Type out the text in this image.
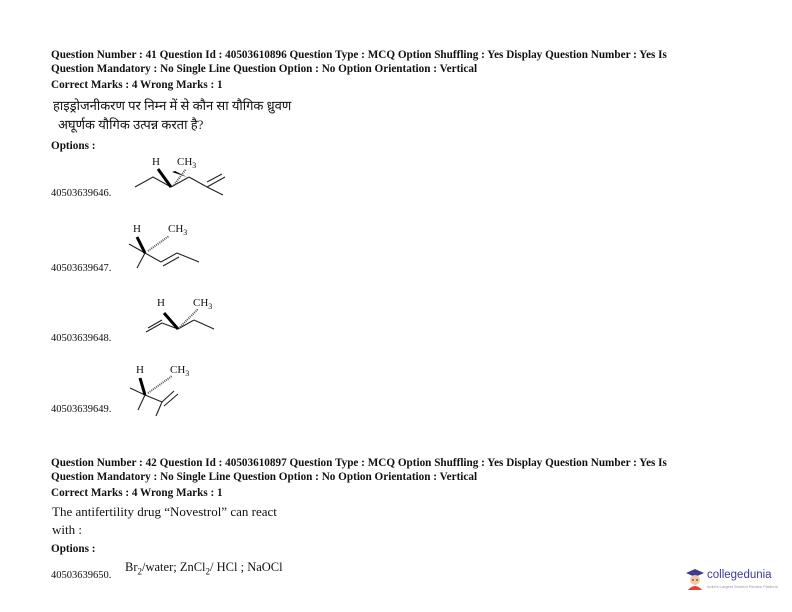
Question Number : 41 Question Id : 40503610896 Question Type : MCQ Option Shuffling : Yes Display Question Number : Yes Is
Question Mandatory : No Single Line Question Option : No Option Orientation : Vertical
Correct Marks : 4 Wrong Marks : 1
हाइड्रोजनीकरण पर निम्न में से कौन सा यौगिक ध्रुवण
अघूर्णक यौगिक उत्पन्न करता है?
Options :
40503639646.
H $CH_3$
40503639647.
H $CH_3$
40503639648.
H	$CH_3$
40503639649.
H $CH_3$
Question Number : 42 Question Id : 40503610897 Question Type : MCQ Option Shuffling : Yes Display Question Number : Yes Is
Question Mandatory : No Single Line Question Option : No Option Orientation : Vertical
Correct Marks : 4 Wrong Marks : 1
The antifertility drug “Novestrol” can react
with :
Options :
40503639650.
$Br_2$/water; ZnCl$_2$/ HCl ; NaOCl
collegedunia
India's Largest Student Review Platform
